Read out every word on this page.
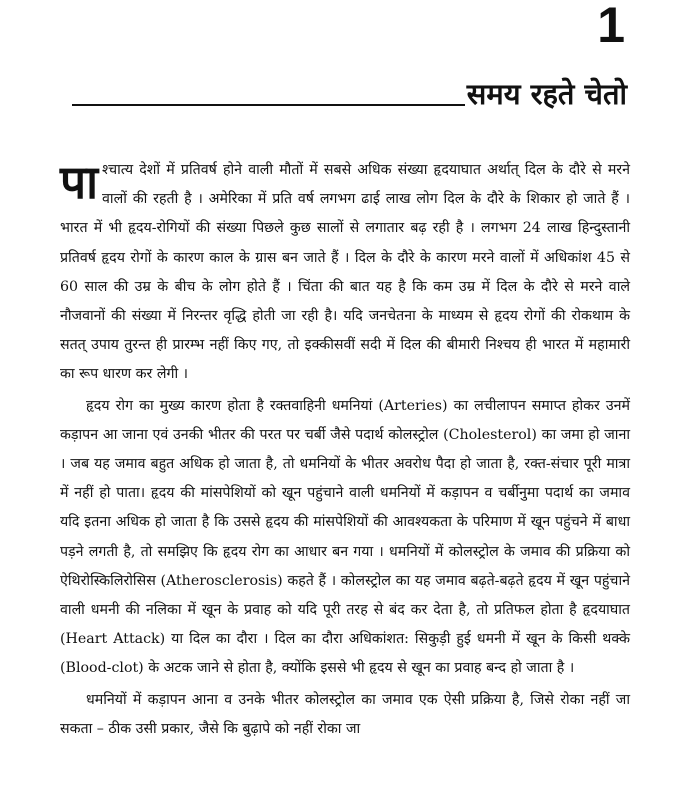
1
समय रहते चेतो

पाश्चात्य देशों में प्रतिवर्ष होने वाली मौतों में सबसे अधिक संख्या हृदयाघात अर्थात् दिल के दौरे से मरने वालों की रहती है । अमेरिका में प्रति वर्ष लगभग ढाई लाख लोग दिल के दौरे के शिकार हो जाते हैं । भारत में भी हृदय-रोगियों की संख्या पिछले कुछ सालों से लगातार बढ़ रही है । लगभग 24 लाख हिन्दुस्तानी प्रतिवर्ष हृदय रोगों के कारण काल के ग्रास बन जाते हैं । दिल के दौरे के कारण मरने वालों में अधिकांश 45 से 60 साल की उम्र के बीच के लोग होते हैं । चिंता की बात यह है कि कम उम्र में दिल के दौरे से मरने वाले नौजवानों की संख्या में निरन्तर वृद्धि होती जा रही है। यदि जनचेतना के माध्यम से हृदय रोगों की रोकथाम के सतत् उपाय तुरन्त ही प्रारम्भ नहीं किए गए, तो इक्कीसवीं सदी में दिल की बीमारी निश्चय ही भारत में महामारी का रूप धारण कर लेगी ।

हृदय रोग का मुख्य कारण होता है रक्तवाहिनी धमनियां (Arteries) का लचीलापन समाप्त होकर उनमें कड़ापन आ जाना एवं उनकी भीतर की परत पर चर्बी जैसे पदार्थ कोलस्ट्रोल (Cholesterol) का जमा हो जाना । जब यह जमाव बहुत अधिक हो जाता है, तो धमनियों के भीतर अवरोध पैदा हो जाता है, रक्त-संचार पूरी मात्रा में नहीं हो पाता। हृदय की मांसपेशियों को खून पहुंचाने वाली धमनियों में कड़ापन व चर्बीनुमा पदार्थ का जमाव यदि इतना अधिक हो जाता है कि उससे हृदय की मांसपेशियों की आवश्यकता के परिमाण में खून पहुंचने में बाधा पड़ने लगती है, तो समझिए कि हृदय रोग का आधार बन गया । धमनियों में कोलस्ट्रोल के जमाव की प्रक्रिया को ऐथिरोस्किलिरोसिस (Atherosclerosis) कहते हैं । कोलस्ट्रोल का यह जमाव बढ़ते-बढ़ते हृदय में खून पहुंचाने वाली धमनी की नलिका में खून के प्रवाह को यदि पूरी तरह से बंद कर देता है, तो प्रतिफल होता है हृदयाघात (Heart Attack) या दिल का दौरा । दिल का दौरा अधिकांशत: सिकुड़ी हुई धमनी में खून के किसी थक्के (Blood-clot) के अटक जाने से होता है, क्योंकि इससे भी हृदय से खून का प्रवाह बन्द हो जाता है ।

धमनियों में कड़ापन आना व उनके भीतर कोलस्ट्रोल का जमाव एक ऐसी प्रक्रिया है, जिसे रोका नहीं जा सकता – ठीक उसी प्रकार, जैसे कि बुढ़ापे को नहीं रोका जा
